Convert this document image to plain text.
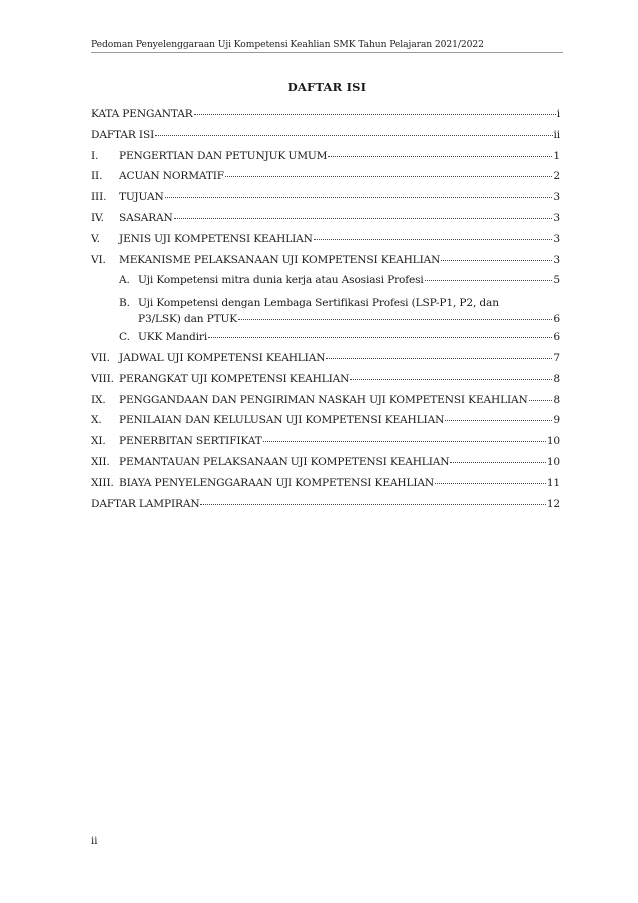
Pedoman Penyelenggaraan Uji Kompetensi Keahlian SMK Tahun Pelajaran 2021/2022
DAFTAR ISI
KATA PENGANTAR	i
DAFTAR ISI	ii
I.	PENGERTIAN DAN PETUNJUK UMUM	1
II.	ACUAN NORMATIF	2
III.	TUJUAN	3
IV.	SASARAN	3
V.	JENIS UJI KOMPETENSI KEAHLIAN	3
VI.	MEKANISME PELAKSANAAN UJI KOMPETENSI KEAHLIAN	3
A. Uji Kompetensi mitra dunia kerja atau Asosiasi Profesi	5
B. Uji Kompetensi dengan Lembaga Sertifikasi Profesi (LSP-P1, P2, dan
P3/LSK) dan PTUK	6
C. UKK Mandiri	6
VII. JADWAL UJI KOMPETENSI KEAHLIAN	7
VIII. PERANGKAT UJI KOMPETENSI KEAHLIAN	8
IX.	PENGGANDAAN DAN PENGIRIMAN NASKAH UJI KOMPETENSI KEAHLIAN 8
X.	PENILAIAN DAN KELULUSAN UJI KOMPETENSI KEAHLIAN	9
XI.	PENERBITAN SERTIFIKAT	10
XII. PEMANTAUAN PELAKSANAAN UJI KOMPETENSI KEAHLIAN	10
XIII. BIAYA PENYELENGGARAAN UJI KOMPETENSI KEAHLIAN	11
DAFTAR LAMPIRAN	12
ii
